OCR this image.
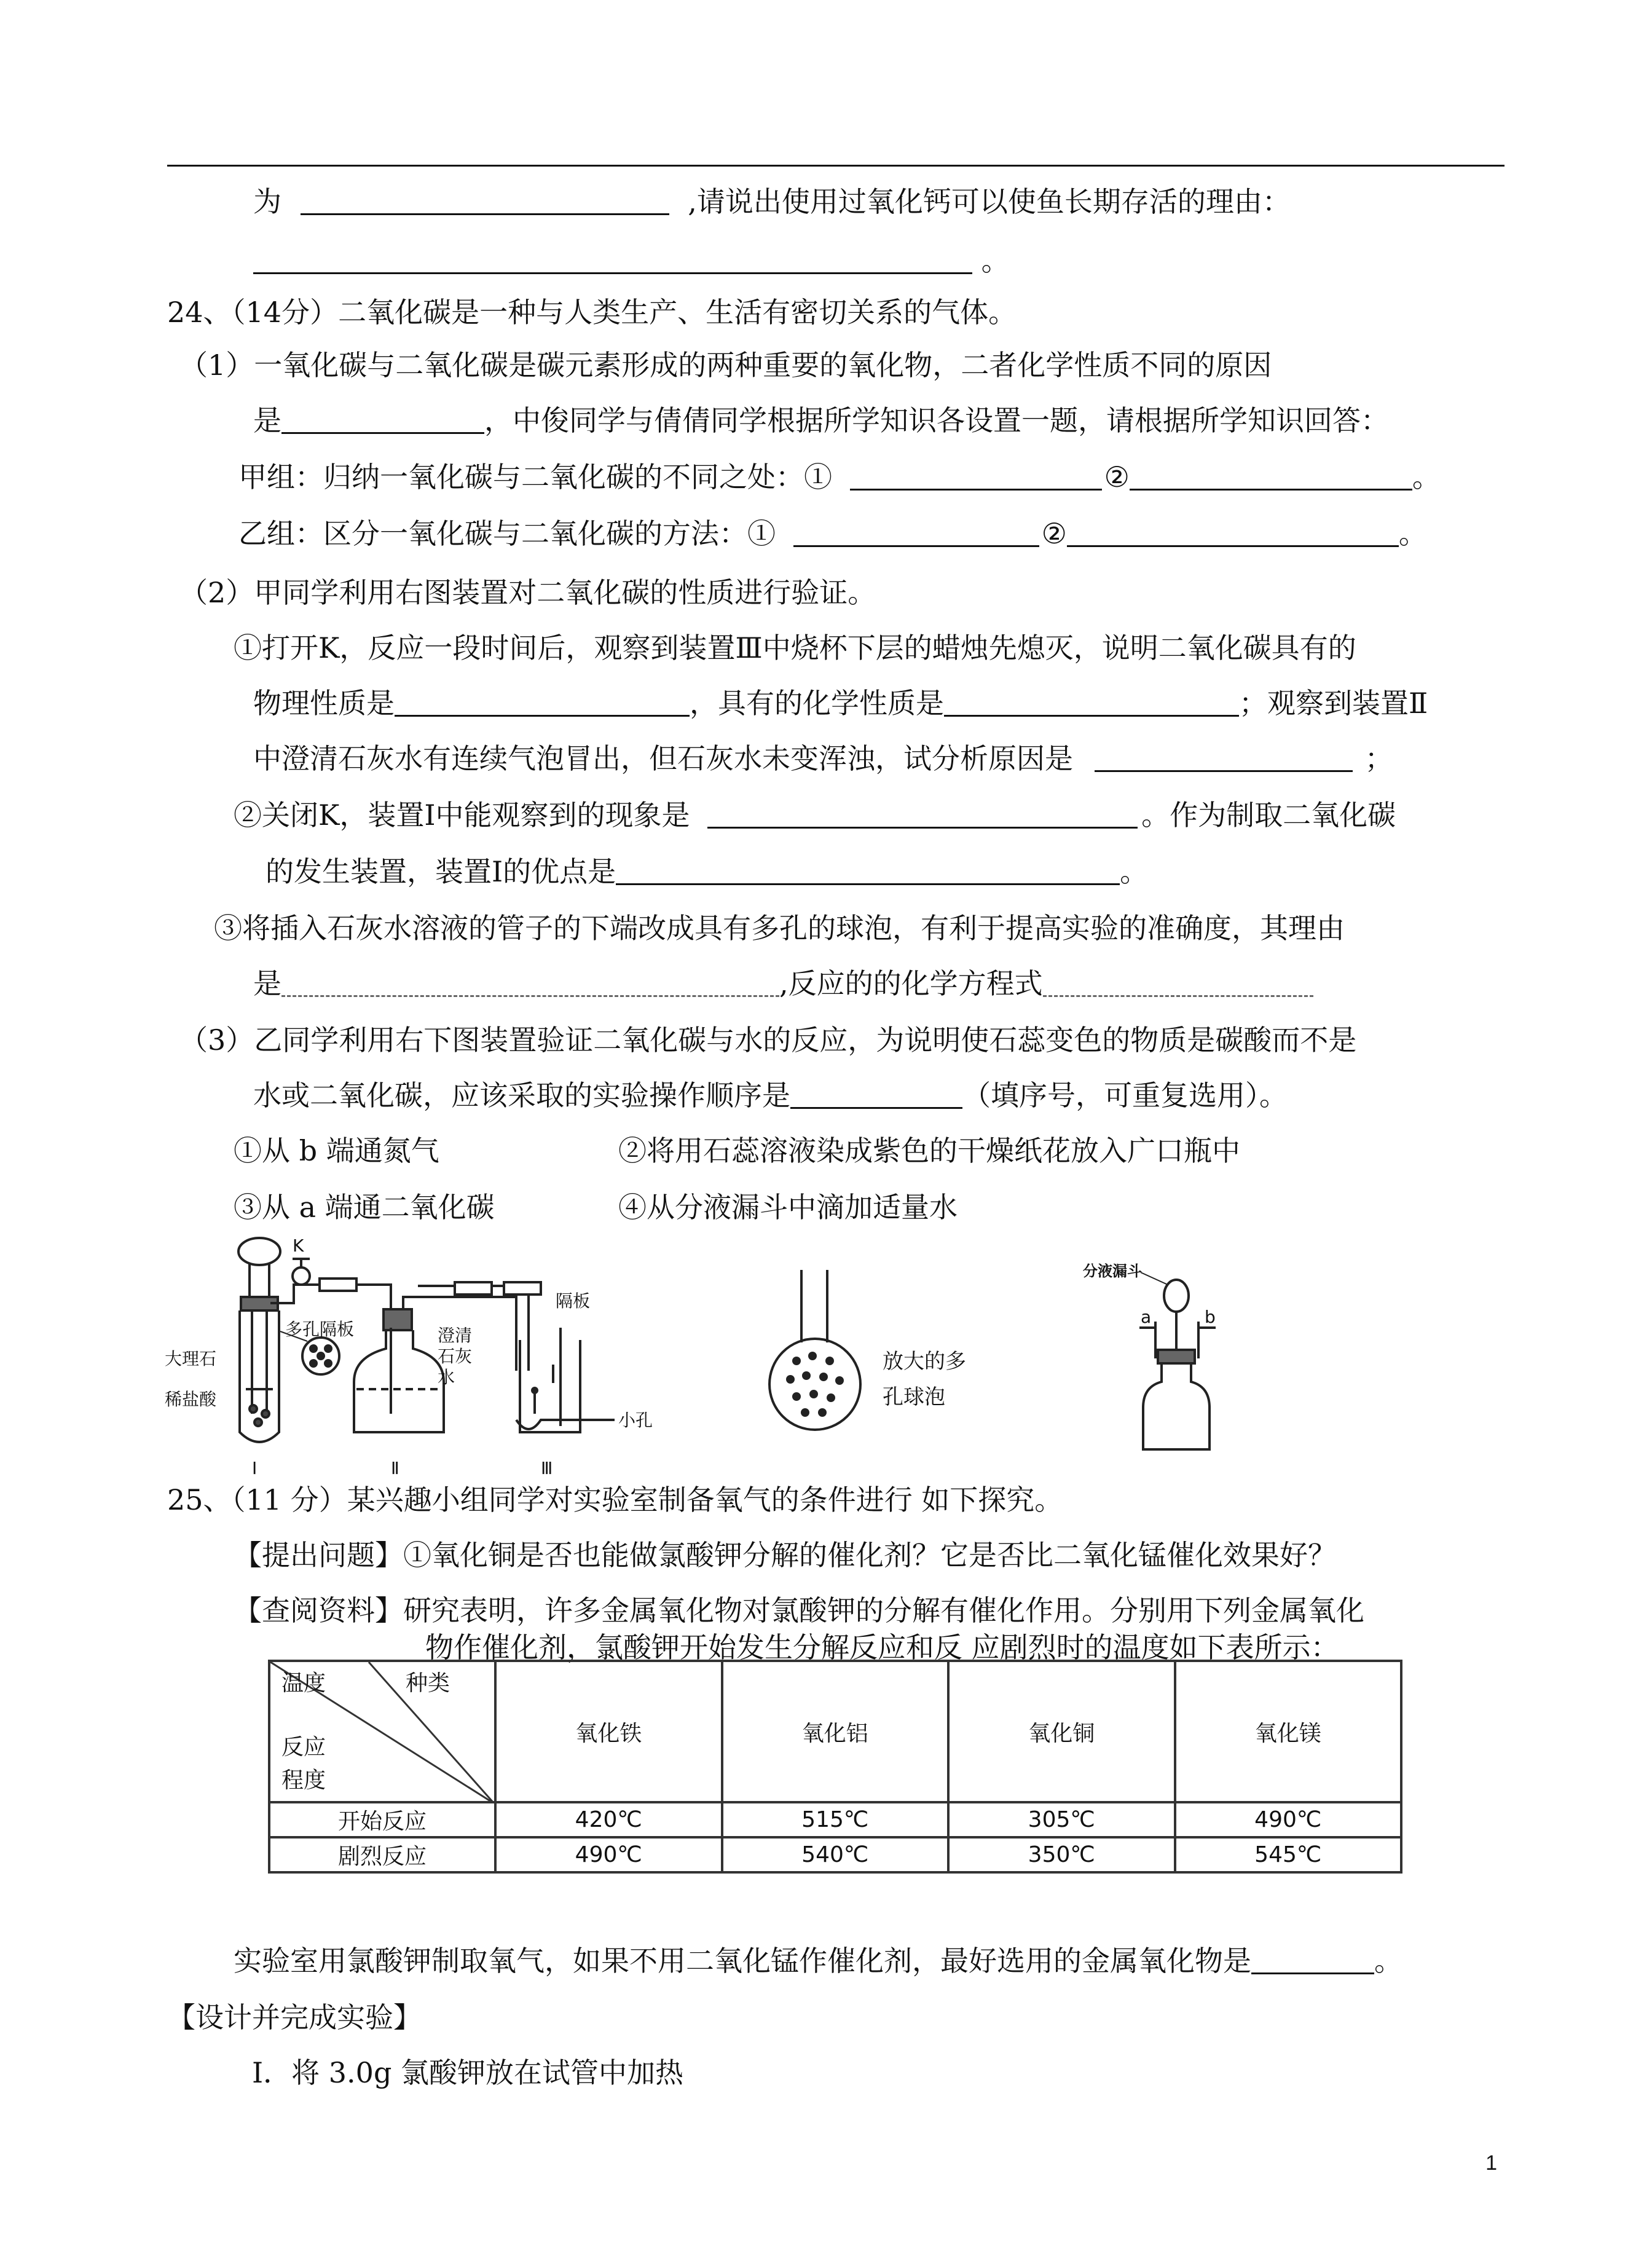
为	,请说出使用过氧化钙可以使鱼长期存活的理由：
。
24、（14分）二氧化碳是一种与人类生产、生活有密切关系的气体。
（1）一氧化碳与二氧化碳是碳元素形成的两种重要的氧化物，二者化学性质不同的原因
是	，中俊同学与倩倩同学根据所学知识各设置一题，请根据所学知识回答：
甲组：归纳一氧化碳与二氧化碳的不同之处：①	②	。
乙组：区分一氧化碳与二氧化碳的方法：①	②	。
（2）甲同学利用右图装置对二氧化碳的性质进行验证。
①打开K，反应一段时间后，观察到装置Ⅲ中烧杯下层的蜡烛先熄灭，说明二氧化碳具有的
物理性质是	，具有的化学性质是	；观察到装置Ⅱ
中澄清石灰水有连续气泡冒出，但石灰水未变浑浊，试分析原因是	；
②关闭K，装置Ⅰ中能观察到的现象是	。作为制取二氧化碳
的发生装置，装置Ⅰ的优点是	。
③将插入石灰水溶液的管子的下端改成具有多孔的球泡，有利于提高实验的准确度，其理由
是	,反应的的化学方程式
（3）乙同学利用右下图装置验证二氧化碳与水的反应，为说明使石蕊变色的物质是碳酸而不是
水或二氧化碳，应该采取的实验操作顺序是	（填序号，可重复选用）。
①从 b 端通氮气	②将用石蕊溶液染成紫色的干燥纸花放入广口瓶中
③从 a 端通二氧化碳	④从分液漏斗中滴加适量水
K
大理石
稀盐酸
多孔隔板	澄清
石灰
水
隔板
小孔
Ⅰ	Ⅱ	Ⅲ
放大的多
孔球泡
分液漏斗
a	b
25、（11 分）某兴趣小组同学对实验室制备氧气的条件进行 如下探究。
【提出问题】①氧化铜是否也能做氯酸钾分解的催化剂？它是否比二氧化锰催化效果好？
【查阅资料】研究表明，许多金属氧化物对氯酸钾的分解有催化作用。分别用下列金属氧化
物作催化剂，氯酸钾开始发生分解反应和反 应剧烈时的温度如下表所示：
温度 种类
反应
程度	氧化铁	氧化铝	氧化铜	氧化镁
开始反应	420℃	515℃	305℃	490℃
剧烈反应	490℃	540℃	350℃	545℃
实验室用氯酸钾制取氧气，如果不用二氧化锰作催化剂，最好选用的金属氧化物是	。
【设计并完成实验】
Ⅰ．将 3.0g 氯酸钾放在试管中加热
1
